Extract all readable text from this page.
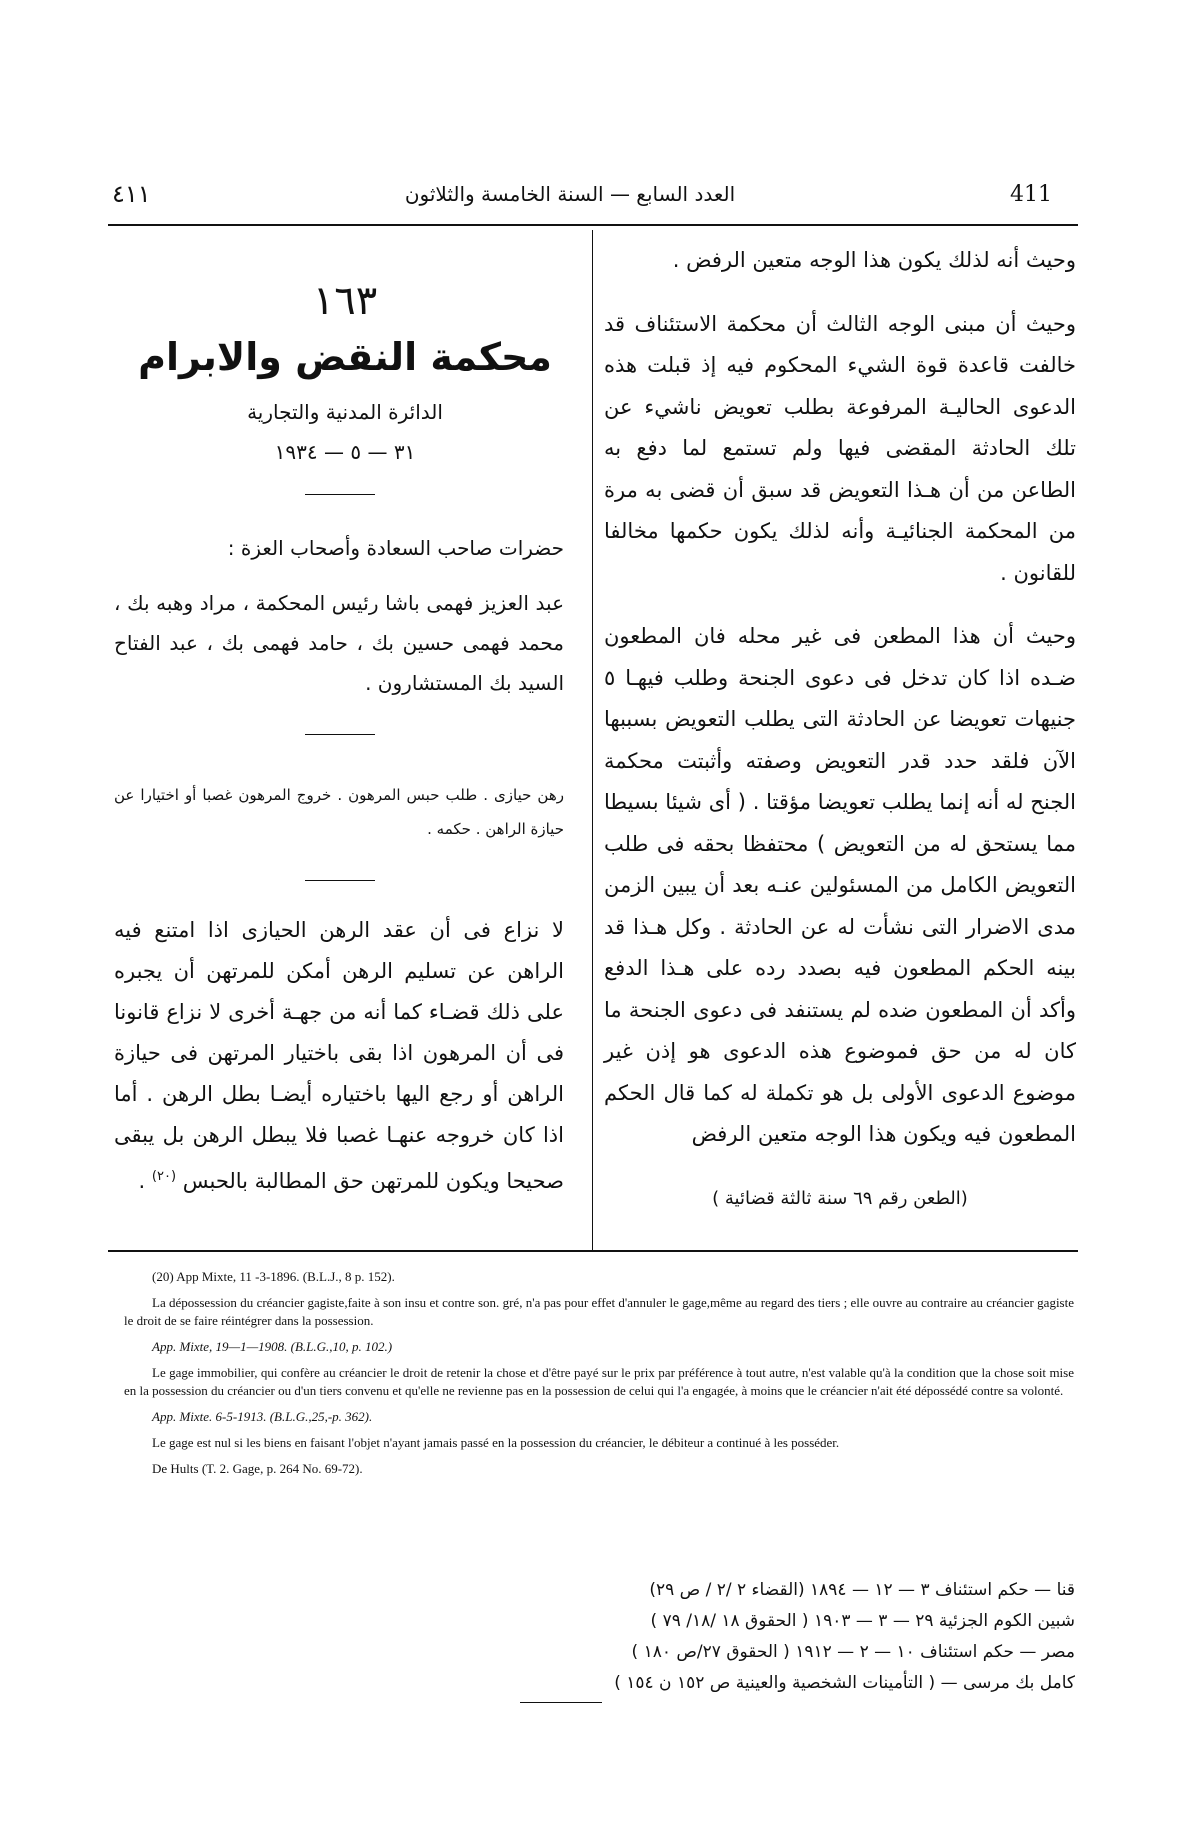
٤١١	العدد السابع — السنة الخامسة والثلاثون	411
وحيث أنه لذلك يكون هذا الوجه متعين الرفض .
وحيث أن مبنى الوجه الثالث أن محكمة الاستئناف قد خالفت قاعدة قوة الشيء المحكوم فيه إذ قبلت هذه الدعوى الحاليـة المرفوعة بطلب تعويض ناشيء عن تلك الحادثة المقضى فيها ولم تستمع لما دفع به الطاعن من أن هـذا التعويض قد سبق أن قضى به مرة من المحكمة الجنائيـة وأنه لذلك يكون حكمها مخالفا للقانون .
وحيث أن هذا المطعن فى غير محله فان المطعون ضـده اذا كان تدخل فى دعوى الجنحة وطلب فيهـا ٥ جنيهات تعويضا عن الحادثة التى يطلب التعويض بسببها الآن فلقد حدد قدر التعويض وصفته وأثبتت محكمة الجنح له أنه إنما يطلب تعويضا مؤقتا . ( أى شيئا بسيطا مما يستحق له من التعويض ) محتفظا بحقه فى طلب التعويض الكامل من المسئولين عنـه بعد أن يبين الزمن مدى الاضرار التى نشأت له عن الحادثة . وكل هـذا قد بينه الحكم المطعون فيه بصدد رده على هـذا الدفع وأكد أن المطعون ضده لم يستنفد فى دعوى الجنحة ما كان له من حق فموضوع هذه الدعوى هو إذن غير موضوع الدعوى الأولى بل هو تكملة له كما قال الحكم المطعون فيه ويكون هذا الوجه متعين الرفض
(الطعن رقم ٦٩ سنة ثالثة قضائية )
١٦٣
محكمة النقض والابرام
الدائرة المدنية والتجارية
٣١ — ٥ — ١٩٣٤
حضرات صاحب السعادة وأصحاب العزة :
عبد العزيز فهمى باشا رئيس المحكمة ، مراد وهبه بك ، محمد فهمى حسين بك ، حامد فهمى بك ، عبد الفتاح السيد بك المستشارون .
رهن حيازى . طلب حبس المرهون . خروج المرهون غصبا أو اختيارا عن حيازة الراهن . حكمه .
لا نزاع فى أن عقد الرهن الحيازى اذا امتنع فيه الراهن عن تسليم الرهن أمكن للمرتهن أن يجبره على ذلك قضـاء كما أنه من جهـة أخرى لا نزاع قانونا فى أن المرهون اذا بقى باختيار المرتهن فى حيازة الراهن أو رجع اليها باختياره أيضـا بطل الرهن . أما اذا كان خروجه عنهـا غصبا فلا يبطل الرهن بل يبقى صحيحا ويكون للمرتهن حق المطالبة بالحبس $^{(٢٠)}$ .

(20) App Mixte, 11 -3-1896. (B.L.J., 8 p. 152).

La dépossession du créancier gagiste,faite à son insu et contre son. gré, n'a pas pour effet d'annuler le gage,même au regard des tiers ; elle ouvre au contraire au créancier gagiste le droit de se faire réintégrer dans la possession.

App. Mixte, 19—1—1908. (B.L.G.,10, p. 102.)

Le gage immobilier, qui confère au créancier le droit de retenir la chose et d'être payé sur le prix par préférence à tout autre, n'est valable qu'à la condition que la chose soit mise en la possession du créancier ou d'un tiers convenu et qu'elle ne revienne pas en la possession de celui qui l'a engagée, à moins que le créancier n'ait été dépossédé contre sa volonté.

App. Mixte. 6-5-1913. (B.L.G.,25,-p. 362).

Le gage est nul si les biens en faisant l'objet n'ayant jamais passé en la possession du créancier, le débiteur a continué à les posséder.

De Hults (T. 2. Gage, p. 264 No. 69-72).

قنا — حكم استئناف ٣ — ١٢ — ١٨٩٤ (القضاء ٢ /٢ / ص ٢٩)
شبين الكوم الجزئية ٢٩ — ٣ — ١٩٠٣ ( الحقوق ١٨ /١٨/ ٧٩ )
مصر — حكم استئناف ١٠ — ٢ — ١٩١٢ ( الحقوق ٢٧/ص ١٨٠ )
كامل بك مرسى — ( التأمينات الشخصية والعينية ص ١٥٢ ن ١٥٤ )
